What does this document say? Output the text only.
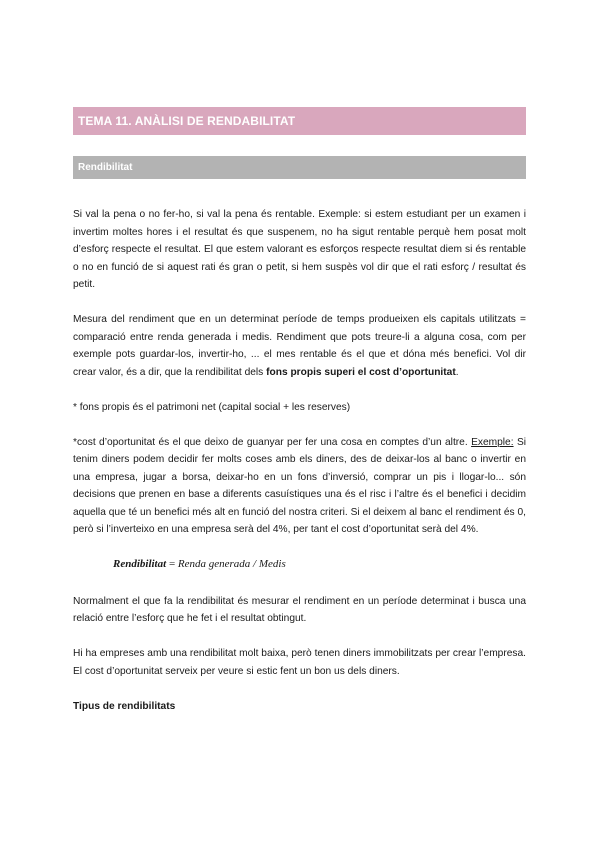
TEMA 11. ANÀLISI DE RENDABILITAT
Rendibilitat

Si val la pena o no fer-ho, si val la pena és rentable. Exemple: si estem estudiant per un examen i invertim moltes hores i el resultat és que suspenem, no ha sigut rentable perquè hem posat molt d’esforç respecte el resultat. El que estem valorant es esforços respecte resultat diem si és rentable o no en funció de si aquest rati és gran o petit, si hem suspès vol dir que el rati esforç / resultat és petit.

Mesura del rendiment que en un determinat període de temps produeixen els capitals utilitzats = comparació entre renda generada i medis. Rendiment que pots treure-li a alguna cosa, com per exemple pots guardar-los, invertir-ho, ... el mes rentable és el que et dóna més benefici. Vol dir crear valor, és a dir, que la rendibilitat dels fons propis superi el cost d’oportunitat.

* fons propis és el patrimoni net (capital social + les reserves)

*cost d’oportunitat és el que deixo de guanyar per fer una cosa en comptes d’un altre. Exemple: Si tenim diners podem decidir fer molts coses amb els diners, des de deixar-los al banc o invertir en una empresa, jugar a borsa, deixar-ho en un fons d’inversió, comprar un pis i llogar-lo... són decisions que prenen en base a diferents casuístiques una és el risc i l’altre és el benefici i decidim aquella que té un benefici més alt en funció del nostra criteri. Si el deixem al banc el rendiment és 0, però si l’inverteixo en una empresa serà del 4%, per tant el cost d’oportunitat serà del 4%.

Rendibilitat = Renda generada / Medis

Normalment el que fa la rendibilitat és mesurar el rendiment en un període determinat i busca una relació entre l’esforç que he fet i el resultat obtingut.

Hi ha empreses amb una rendibilitat molt baixa, però tenen diners immobilitzats per crear l’empresa. El cost d’oportunitat serveix per veure si estic fent un bon us dels diners.

Tipus de rendibilitats
